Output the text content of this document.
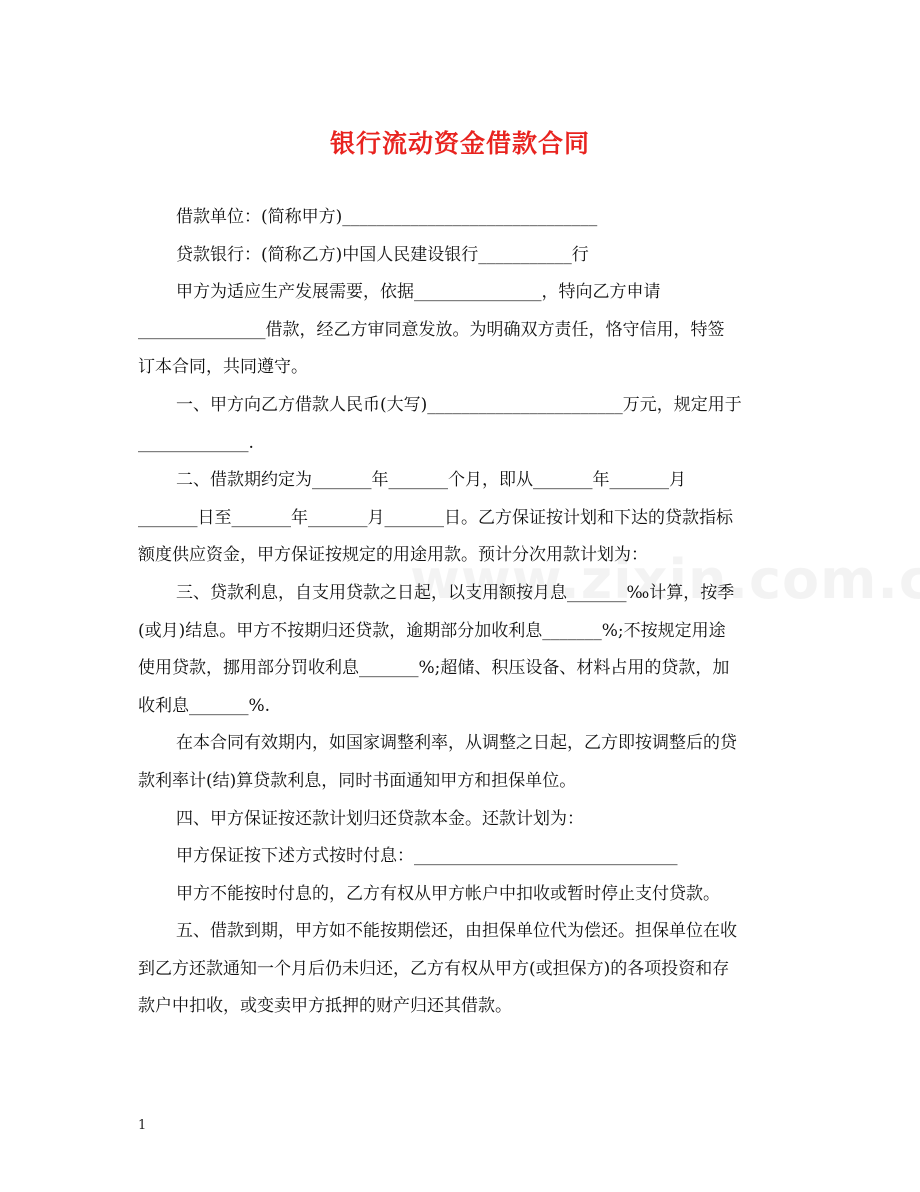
银行流动资金借款合同
借款单位：(简称甲方)______________________________
贷款银行：(简称乙方)中国人民建设银行___________行
甲方为适应生产发展需要，依据_______________，特向乙方申请
_______________借款，经乙方审同意发放。为明确双方责任，恪守信用，特签
订本合同，共同遵守。
一、甲方向乙方借款人民币(大写)_______________________万元，规定用于
_____________.
二、借款期约定为_______年_______个月，即从_______年_______月
_______日至_______年_______月_______日。乙方保证按计划和下达的贷款指标
额度供应资金，甲方保证按规定的用途用款。预计分次用款计划为：
三、贷款利息，自支用贷款之日起，以支用额按月息_______‰计算，按季
(或月)结息。甲方不按期归还贷款，逾期部分加收利息_______%;不按规定用途
使用贷款，挪用部分罚收利息_______%;超储、积压设备、材料占用的贷款，加
收利息_______%.
在本合同有效期内，如国家调整利率，从调整之日起，乙方即按调整后的贷
款利率计(结)算贷款利息，同时书面通知甲方和担保单位。
四、甲方保证按还款计划归还贷款本金。还款计划为：
甲方保证按下述方式按时付息：_______________________________
甲方不能按时付息的，乙方有权从甲方帐户中扣收或暂时停止支付贷款。
五、借款到期，甲方如不能按期偿还，由担保单位代为偿还。担保单位在收
到乙方还款通知一个月后仍未归还，乙方有权从甲方(或担保方)的各项投资和存
款户中扣收，或变卖甲方抵押的财产归还其借款。
1
